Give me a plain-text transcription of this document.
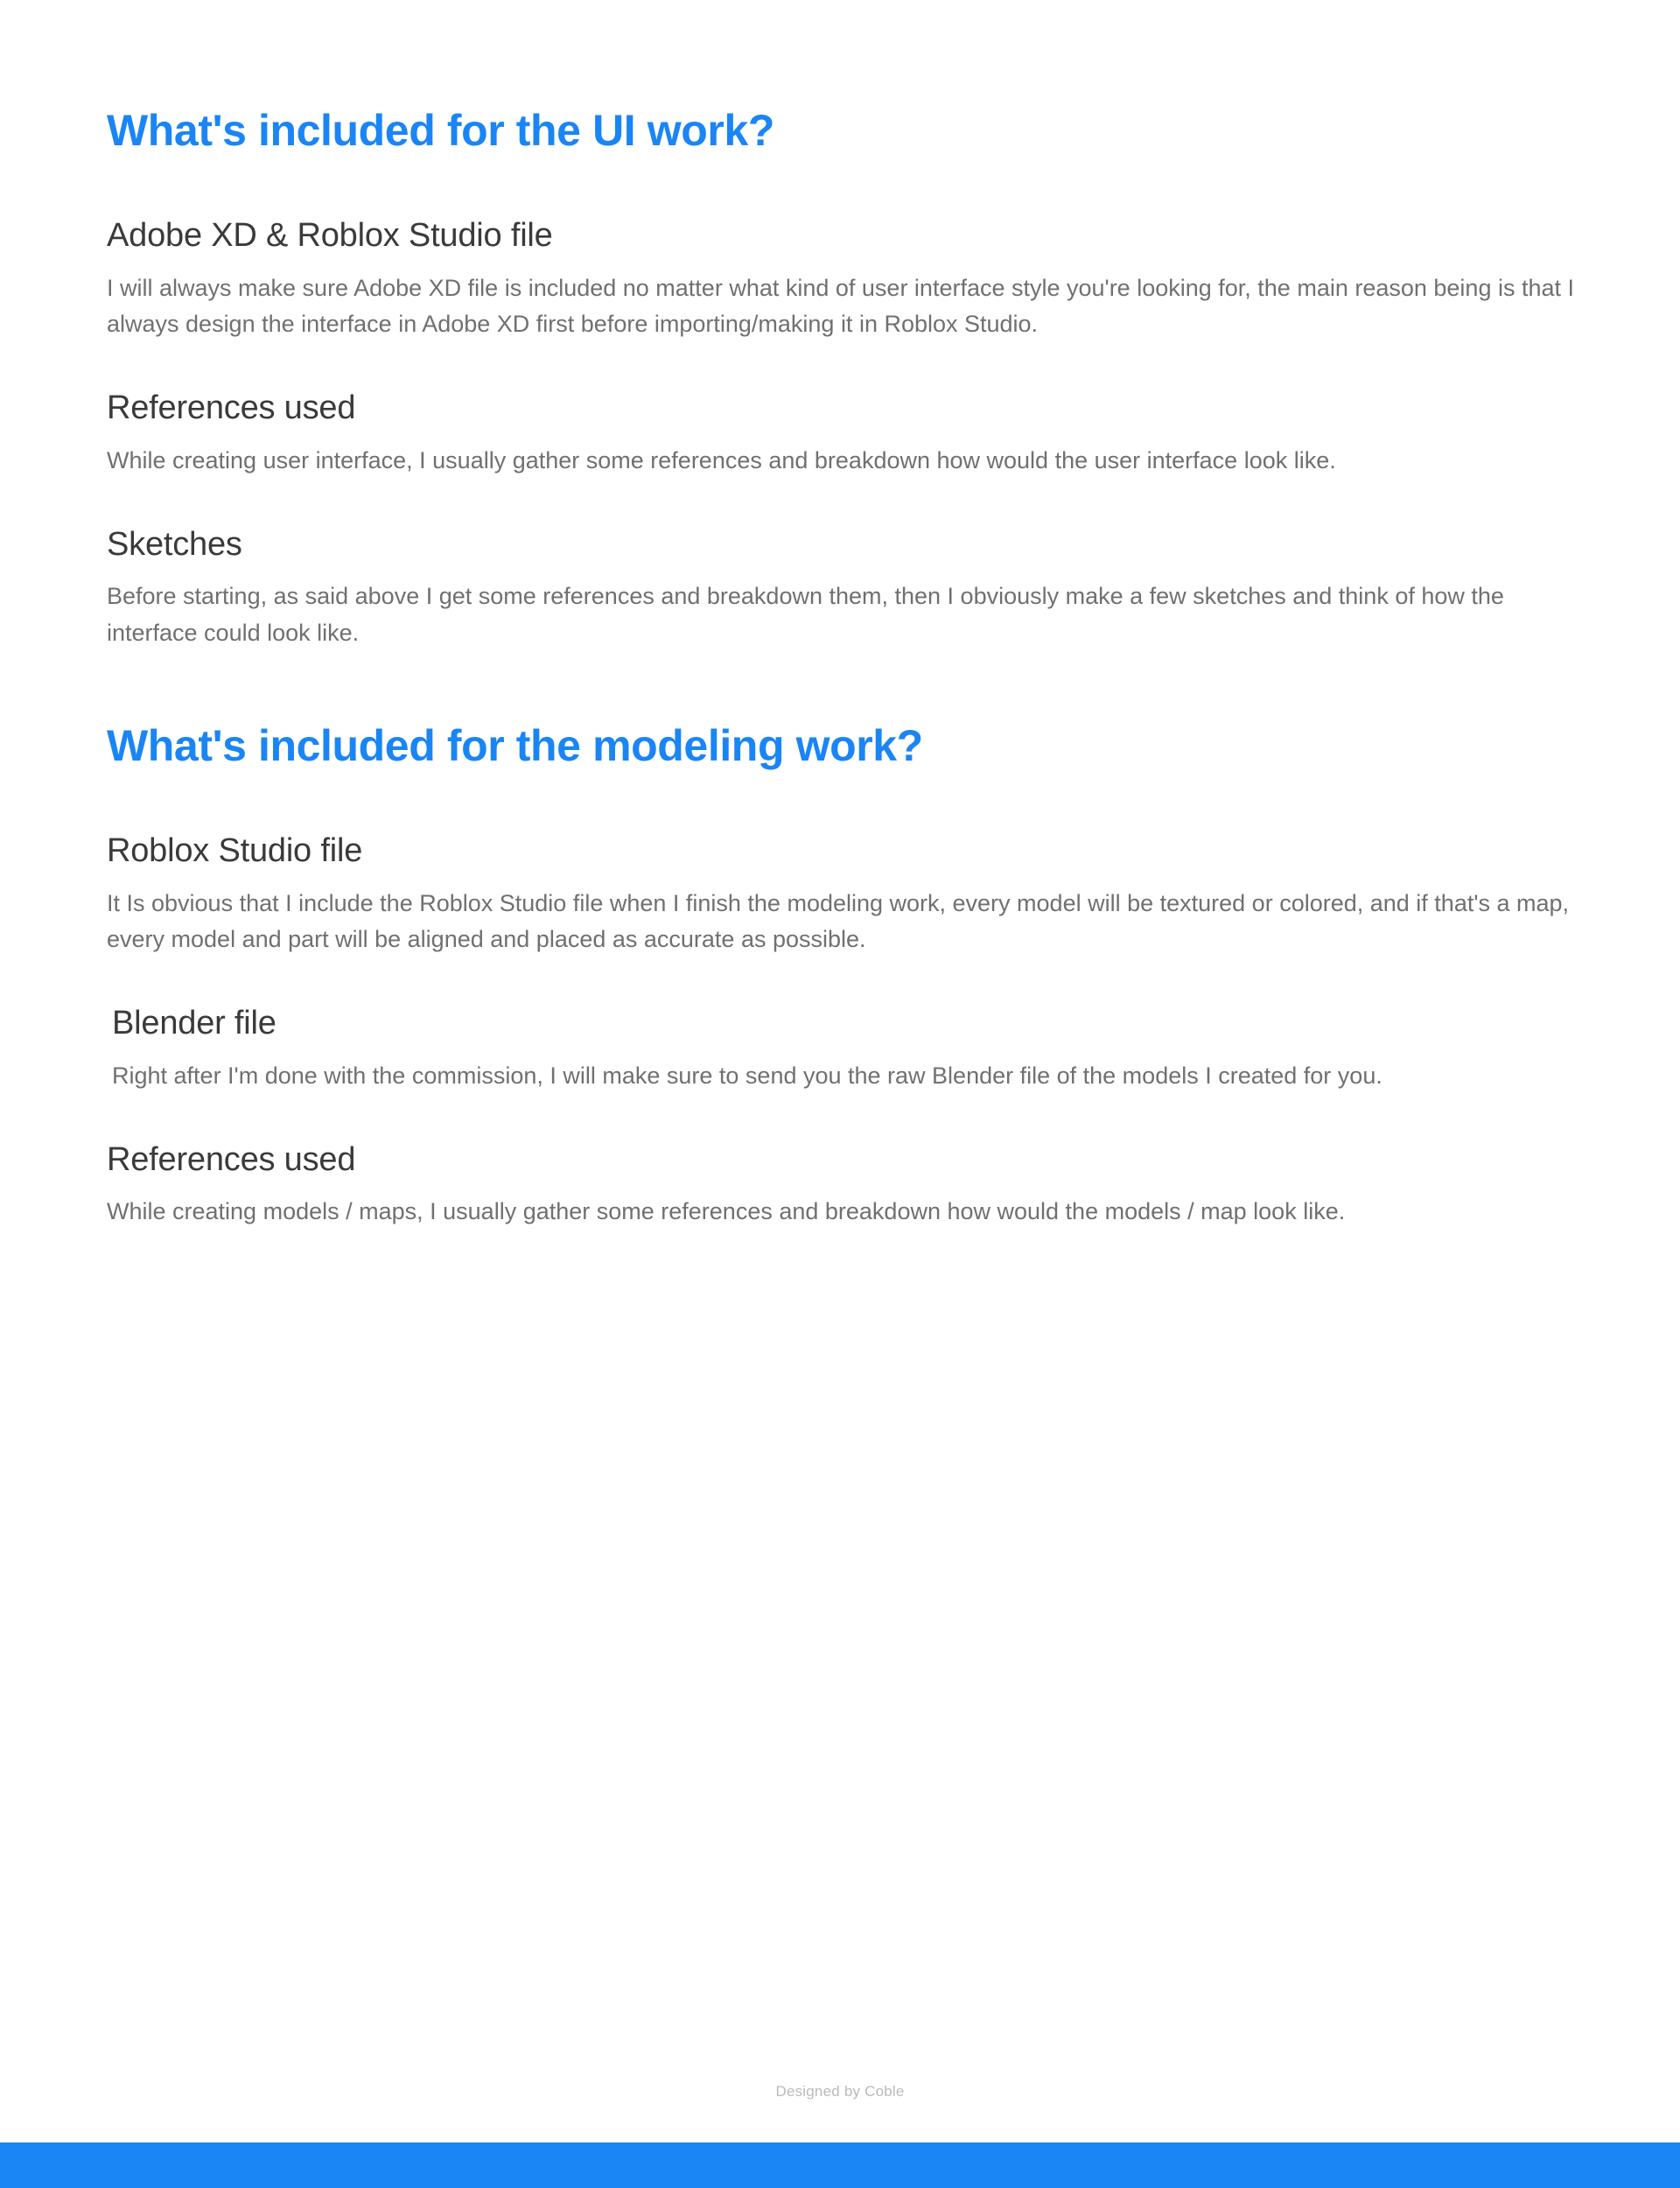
What's included for the UI work?
Adobe XD & Roblox Studio file

I will always make sure Adobe XD file is included no matter what kind of user interface style you're looking for, the main reason being is that I always design the interface in Adobe XD first before importing/making it in Roblox Studio.

References used

While creating user interface, I usually gather some references and breakdown how would the user interface look like.

Sketches

Before starting, as said above I get some references and breakdown them, then I obviously make a few sketches and think of how the interface could look like.

What's included for the modeling work?
Roblox Studio file

It Is obvious that I include the Roblox Studio file when I finish the modeling work, every model will be textured or colored, and if that's a map, every model and part will be aligned and placed as accurate as possible.

Blender file

Right after I'm done with the commission, I will make sure to send you the raw Blender file of the models I created for you.

References used

While creating models / maps, I usually gather some references and breakdown how would the models / map look like.

Designed by Coble
